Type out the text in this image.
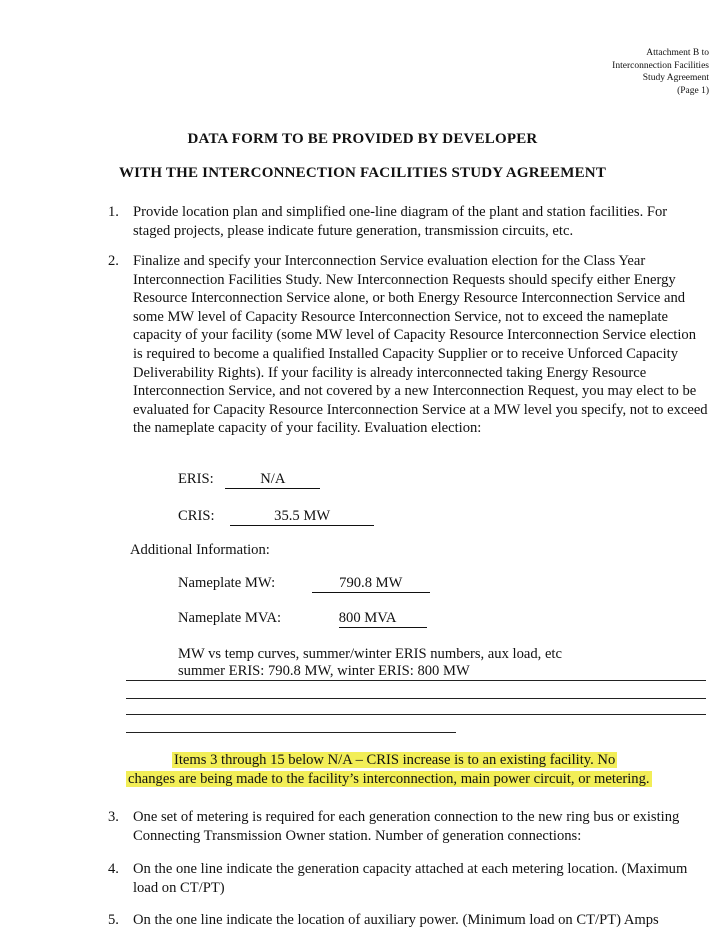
Attachment B to
Interconnection Facilities
Study Agreement
(Page 1)
DATA FORM TO BE PROVIDED BY DEVELOPER
WITH THE INTERCONNECTION FACILITIES STUDY AGREEMENT
1. Provide location plan and simplified one-line diagram of the plant and station facilities. For staged projects, please indicate future generation, transmission circuits, etc.
2. Finalize and specify your Interconnection Service evaluation election for the Class Year Interconnection Facilities Study. New Interconnection Requests should specify either Energy Resource Interconnection Service alone, or both Energy Resource Interconnection Service and some MW level of Capacity Resource Interconnection Service, not to exceed the nameplate capacity of your facility (some MW level of Capacity Resource Interconnection Service election is required to become a qualified Installed Capacity Supplier or to receive Unforced Capacity Deliverability Rights). If your facility is already interconnected taking Energy Resource Interconnection Service, and not covered by a new Interconnection Request, you may elect to be evaluated for Capacity Resource Interconnection Service at a MW level you specify, not to exceed the nameplate capacity of your facility. Evaluation election:
ERIS:	N/A
CRIS:	35.5 MW
Additional Information:
Nameplate MW:	790.8 MW
Nameplate MVA:	800 MVA
MW vs temp curves, summer/winter ERIS numbers, aux load, etc
summer ERIS: 790.8 MW, winter ERIS: 800 MW
Items 3 through 15 below N/A – CRIS increase is to an existing facility. No
changes are being made to the facility’s interconnection, main power circuit, or metering.
3. One set of metering is required for each generation connection to the new ring bus or existing Connecting Transmission Owner station. Number of generation connections:
4. On the one line indicate the generation capacity attached at each metering location. (Maximum load on CT/PT)
5. On the one line indicate the location of auxiliary power. (Minimum load on CT/PT) Amps
